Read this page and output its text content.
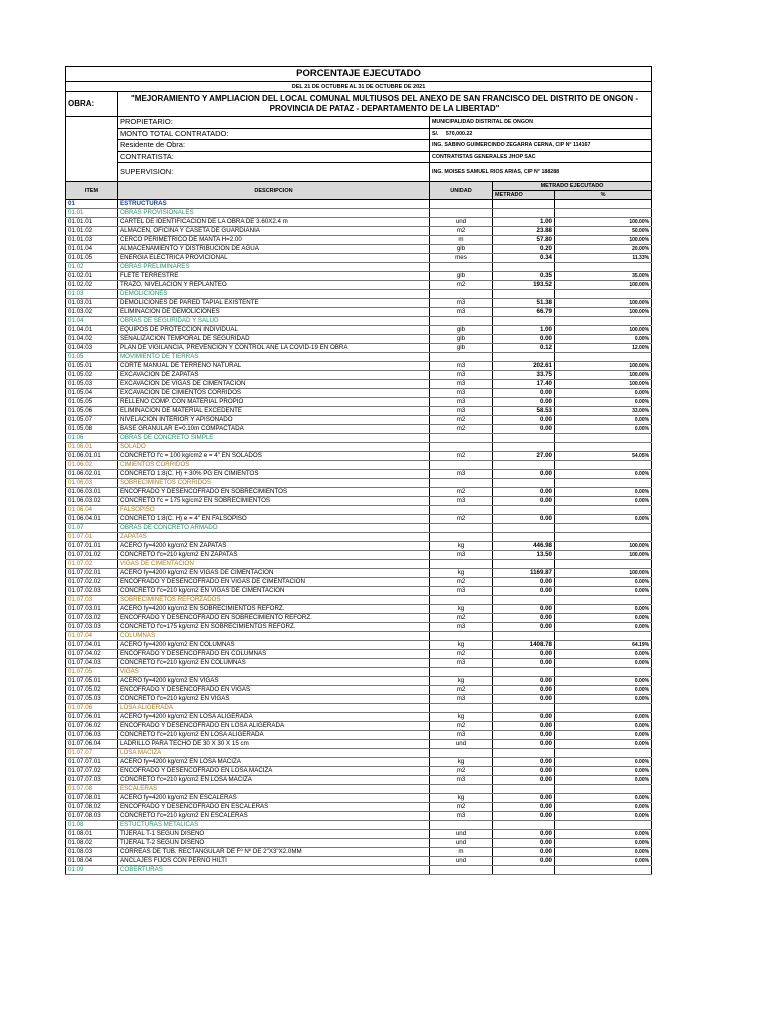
PORCENTAJE EJECUTADO				
DEL 21 DE OCTUBRE AL 31 DE OCTUBRE DE 2021				
OBRA:	"MEJORAMIENTO Y AMPLIACION DEL LOCAL COMUNAL MULTIUSOS DEL ANEXO DE SAN FRANCISCO DEL DISTRITO DE ONGON - PROVINCIA DE PATAZ - DEPARTAMENTO DE LA LIBERTAD"			
	PROPIETARIO:	MUNICIPALIDAD DISTRITAL DE ONGON		
	MONTO TOTAL CONTRATADO:	S/. 570,000.22		
	Residente de Obra:	ING. SABINO GUIMERCINDO ZEGARRA CERNA, CIP N° 114167		
	CONTRATISTA:	CONTRATISTAS GENERALES JHOP SAC		
	SUPERVISION:	ING. MOISES SAMUEL RIOS ARIAS, CIP N° 188288		
ITEM	DESCRIPCION	UNIDAD	METRADO EJECUTADO	
			METRADO	%
01	ESTRUCTURAS			
01.01	OBRAS PROVISIONALES			
01.01.01	CARTEL DE IDENTIFICACION DE LA OBRA DE 3.60X2.4 m	und	1.00	100.00%
01.01.02	ALMACEN, OFICINA Y CASETA DE GUARDIANIA	m2	23.88	50.00%
01.01.03	CERCO PERIMETRICO DE MANTA H=2.00	m	57.80	100.00%
01.01.04	ALMACENAMIENTO Y DISTRIBUCION DE AGUA	glb	0.20	20.00%
01.01.05	ENERGIA ELECTRICA PROVICIONAL	mes	0.34	11.33%
01.02	OBRAS PRELIMINARES			
01.02.01	FLETE TERRESTRE	glb	0.35	35.00%
01.02.02	TRAZO, NIVELACION Y REPLANTEO	m2	193.52	100.00%
01.03	DEMOLICIONES			
01.03.01	DEMOLICIONES DE PARED TAPIAL EXISTENTE	m3	51.38	100.00%
01.03.02	ELIMINACION DE DEMOLICIONES	m3	66.79	100.00%
01.04	OBRAS DE SEGURIDAD Y SALUD			
01.04.01	EQUIPOS DE PROTECCION INDIVIDUAL	glb	1.00	100.00%
01.04.02	SEÑALIZACION TEMPORAL DE SEGURIDAD	glb	0.00	0.00%
01.04.03	PLAN DE VIGILANCIA, PREVENCION Y CONTROL ANE LA COVID-19 EN OBRA	glb	0.12	12.00%
01.05	MOVIMIENTO DE TIERRAS			
01.05.01	CORTE MANUAL DE TERRENO NATURAL	m3	202.61	100.00%
01.05.02	EXCAVACION DE ZAPATAS	m3	33.75	100.00%
01.05.03	EXCAVACION DE VIGAS DE CIMENTACION	m3	17.40	100.00%
01.05.04	EXCAVACION DE CIMIENTOS CORRIDOS	m3	0.00	0.00%
01.05.05	RELLENO COMP. CON MATERIAL PROPIO	m3	0.00	0.00%
01.05.06	ELIMINACION DE MATERIAL EXCEDENTE	m3	58.53	33.00%
01.05.07	NIVELACION INTERIOR Y APISONADO	m2	0.00	0.00%
01.05.08	BASE GRANULAR E=0.10m COMPACTADA	m2	0.00	0.00%
01.06	OBRAS DE CONCRETO SIMPLE			
01.06.01	SOLADO			
01.06.01.01	CONCRETO f'c = 100 kg/cm2 e = 4" EN SOLADOS	m2	27.00	54.05%
01.06.02	CIMIENTOS CORRIDOS			
01.06.02.01	CONCRETO 1:8(C. H) + 30% PG EN CIMIENTOS	m3	0.00	0.00%
01.06.03	SOBRECIMINETOS CORRIDOS			
01.06.03.01	ENCOFRADO Y DESENCOFRADO EN SOBRECIMIENTOS	m2	0.00	0.00%
01.06.03.02	CONCRETO f'c = 175 kg/cm2 EN SOBRECIMIENTOS	m3	0.00	0.00%
01.06.04	FALSOPISO			
01.06.04.01	CONCRETO 1:8(C. H) e = 4" EN FALSOPISO	m2	0.00	0.00%
01.07	OBRAS DE CONCRETO ARMADO			
01.07.01	ZAPATAS			
01.07.01.01	ACERO fy=4200 kg/cm2 EN ZAPATAS	kg	446.98	100.00%
01.07.01.02	CONCRETO f'c=210 kg/cm2 EN ZAPATAS	m3	13.50	100.00%
01.07.02	VIGAS DE CIMENTACION			
01.07.02.01	ACERO fy=4200 kg/cm2 EN VIGAS DE CIMENTACION	kg	1169.87	100.00%
01.07.02.02	ENCOFRADO Y DESENCOFRADO EN VIGAS DE CIMENTACION	m2	0.00	0.00%
01.07.02.03	CONCRETO f'c=210 kg/cm2 EN VIGAS DE CIMENTACION	m3	0.00	0.00%
01.07.03	SOBRECIMINETOS REFORZADOS			
01.07.03.01	ACERO fy=4200 kg/cm2 EN SOBRECIMIENTOS REFORZ.	kg	0.00	0.00%
01.07.03.02	ENCOFRADO Y DESENCOFRADO EN SOBRECIMIENTO REFORZ.	m2	0.00	0.00%
01.07.03.03	CONCRETO f'c=175 kg/cm2 EN SOBRECIMIENTOS REFORZ.	m3	0.00	0.00%
01.07.04	COLUMNAS			
01.07.04.01	ACERO fy=4200 kg/cm2 EN COLUMNAS	kg	1408.78	64.19%
01.07.04.02	ENCOFRADO Y DESENCOFRADO EN COLUMNAS	m2	0.00	0.00%
01.07.04.03	CONCRETO f'c=210 kg/cm2 EN COLUMNAS	m3	0.00	0.00%
01.07.05	VIGAS			
01.07.05.01	ACERO fy=4200 kg/cm2 EN VIGAS	kg	0.00	0.00%
01.07.05.02	ENCOFRADO Y DESENCOFRADO EN VIGAS	m2	0.00	0.00%
01.07.05.03	CONCRETO f'c=210 kg/cm2 EN VIGAS	m3	0.00	0.00%
01.07.06	LOSA ALIGERADA			
01.07.06.01	ACERO fy=4200 kg/cm2 EN LOSA ALIGERADA	kg	0.00	0.00%
01.07.06.02	ENCOFRADO Y DESENCOFRADO EN LOSA ALIGERADA	m2	0.00	0.00%
01.07.06.03	CONCRETO f'c=210 kg/cm2 EN LOSA ALIGERADA	m3	0.00	0.00%
01.07.06.04	LADRILLO PARA TECHO DE 30 X 30 X 15 cm	und	0.00	0.00%
01.07.07	LOSA MACIZA			
01.07.07.01	ACERO fy=4200 kg/cm2 EN LOSA MACIZA	kg	0.00	0.00%
01.07.07.02	ENCOFRADO Y DESENCOFRADO EN LOSA MACIZA	m2	0.00	0.00%
01.07.07.03	CONCRETO f'c=210 kg/cm2 EN LOSA MACIZA	m3	0.00	0.00%
01.07.08	ESCALERAS			
01.07.08.01	ACERO fy=4200 kg/cm2 EN ESCALERAS	kg	0.00	0.00%
01.07.08.02	ENCOFRADO Y DESENCOFRADO EN ESCALERAS	m2	0.00	0.00%
01.07.08.03	CONCRETO f'c=210 kg/cm2 EN ESCALERAS	m3	0.00	0.00%
01.08	ESTUCTURAS METALICAS			
01.08.01	TIJERAL T-1 SEGUN DISEÑO	und	0.00	0.00%
01.08.02	TIJERAL T-2 SEGUN DISEÑO	und	0.00	0.00%
01.08.03	CORREAS DE TUB. RECTANGULAR DE Fº Nº DE 2"X3"X2.0MM	m	0.00	0.00%
01.08.04	ANCLAJES FIJOS CON PERNO HILTI	und	0.00	0.00%
01.09	COBERTURAS			
